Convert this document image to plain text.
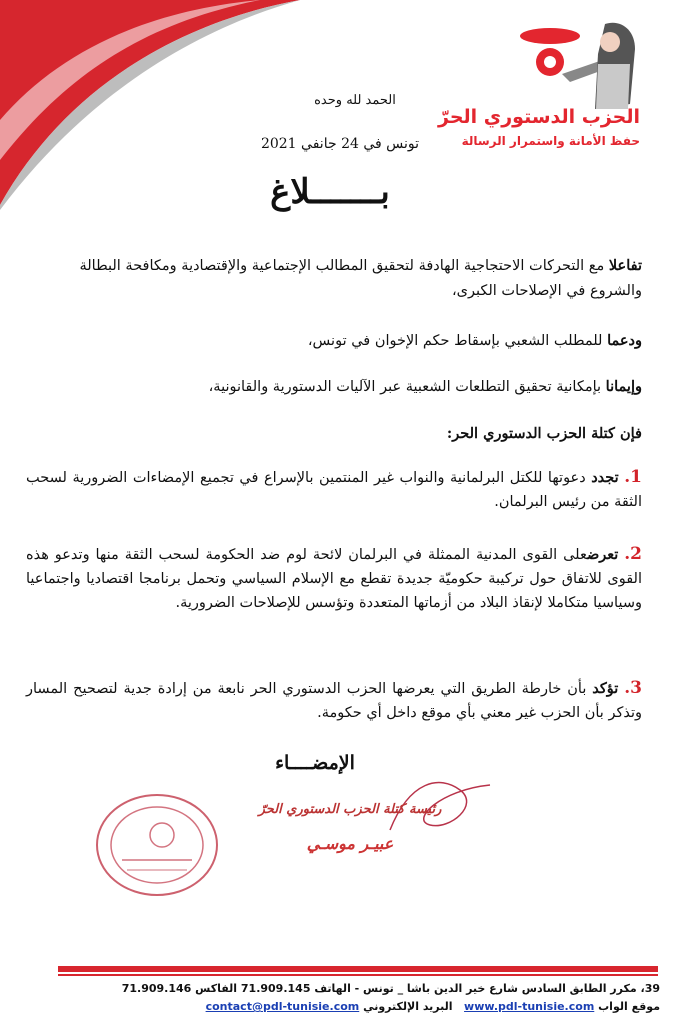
الحزب الدستوري الحرّ
حفظ الأمانة واستمرار الرسالة
الحمد لله وحده
تونس في 24 جانفي 2021
بـــــــلاغ
تفاعلا مع التحركات الاحتجاجية الهادفة لتحقيق المطالب الإجتماعية والإقتصادية ومكافحة البطالة والشروع في الإصلاحات الكبرى،
ودعما للمطلب الشعبي بإسقاط حكم الإخوان في تونس،
وإيمانا بإمكانية تحقيق التطلعات الشعبية عبر الآليات الدستورية والقانونية،
فإن كتلة الحزب الدستوري الحر:
1. تجدد دعوتها للكتل البرلمانية والنواب غير المنتمين بالإسراع في تجميع الإمضاءات الضرورية لسحب الثقة من رئيس البرلمان.
2. تعرضعلى القوى المدنية الممثلة في البرلمان لائحة لوم ضد الحكومة لسحب الثقة منها وتدعو هذه القوى للاتفاق حول تركيبة حكوميّة جديدة تقطع مع الإسلام السياسي وتحمل برنامجا اقتصاديا واجتماعيا وسياسيا متكاملا لإنقاذ البلاد من أزماتها المتعددة وتؤسس للإصلاحات الضرورية.
3. تؤكد بأن خارطة الطريق التي يعرضها الحزب الدستوري الحر نابعة من إرادة جدية لتصحيح المسار وتذكر بأن الحزب غير معني بأي موقع داخل أي حكومة.
الإمضــــاء
رئيسة كتلة الحزب الدستوري الحرّ
عبيـر موسـي
39، مكرر الطابق السادس شارع خير الدين باشا _ تونس - الهاتف 71.909.145 الفاكس 71.909.146
موقع الواب www.pdl-tunisie.com   البريد الإلكتروني contact@pdl-tunisie.com
